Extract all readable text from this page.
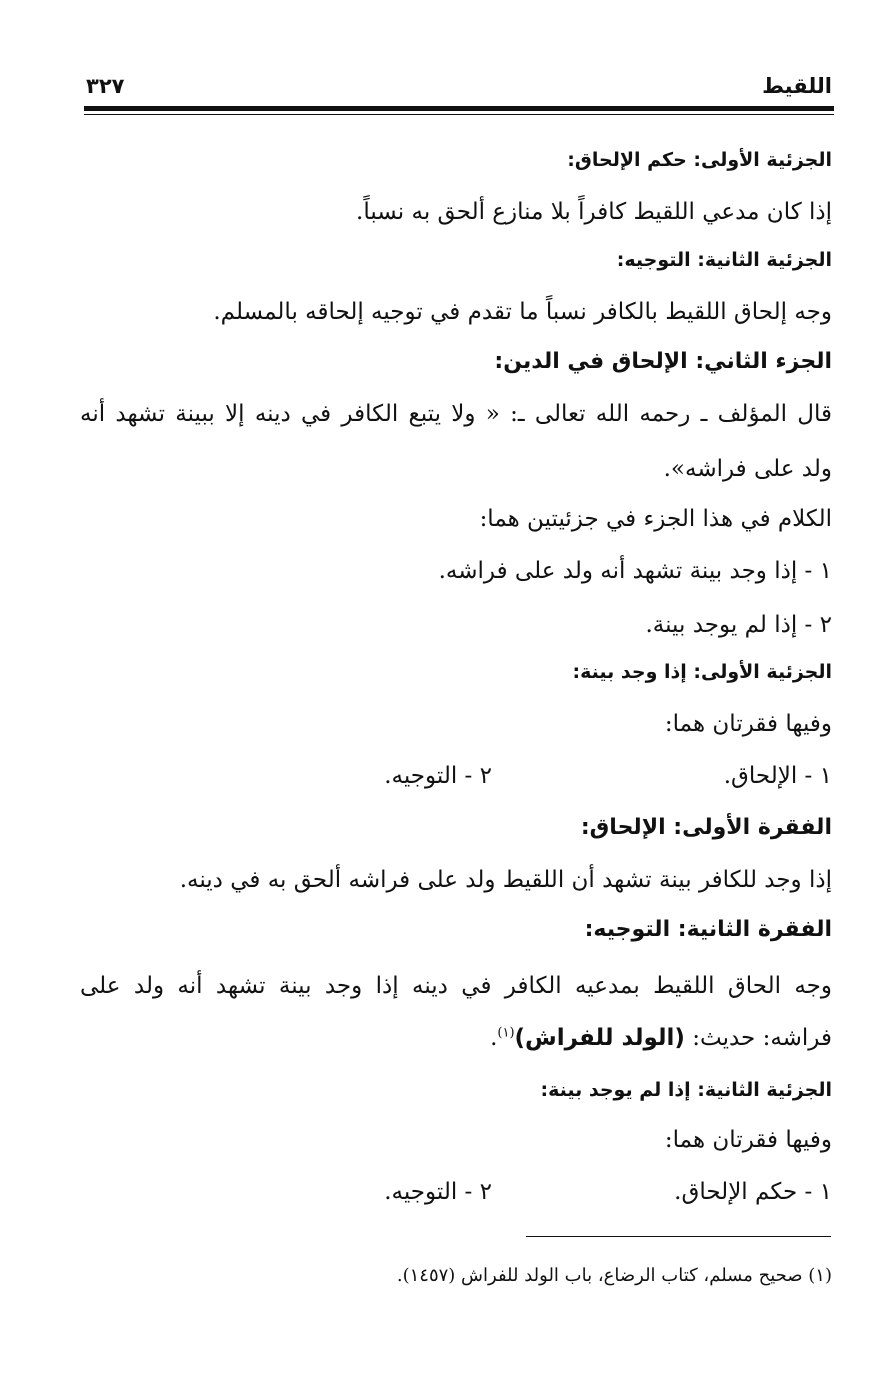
اللقيط
٣٢٧
الجزئية الأولى: حكم الإلحاق:
إذا كان مدعي اللقيط كافراً بلا منازع ألحق به نسباً.
الجزئية الثانية: التوجيه:
وجه إلحاق اللقيط بالكافر نسباً ما تقدم في توجيه إلحاقه بالمسلم.
الجزء الثاني: الإلحاق في الدين:
قال المؤلف ـ رحمه الله تعالى ـ: « ولا يتبع الكافر في دينه إلا ببينة تشهد أنه
ولد على فراشه».
الكلام في هذا الجزء في جزئيتين هما:
١ - إذا وجد بينة تشهد أنه ولد على فراشه.
٢ - إذا لم يوجد بينة.
الجزئية الأولى: إذا وجد بينة:
وفيها فقرتان هما:
١ - الإلحاق.
٢ - التوجيه.
الفقرة الأولى: الإلحاق:
إذا وجد للكافر بينة تشهد أن اللقيط ولد على فراشه ألحق به في دينه.
الفقرة الثانية: التوجيه:
وجه الحاق اللقيط بمدعيه الكافر في دينه إذا وجد بينة تشهد أنه ولد على
فراشه: حديث: (الولد للفراش)$^{(١)}$.
الجزئية الثانية: إذا لم يوجد بينة:
وفيها فقرتان هما:
١ - حكم الإلحاق.
٢ - التوجيه.
(١) صحيح مسلم، كتاب الرضاع، باب الولد للفراش (١٤٥٧).
